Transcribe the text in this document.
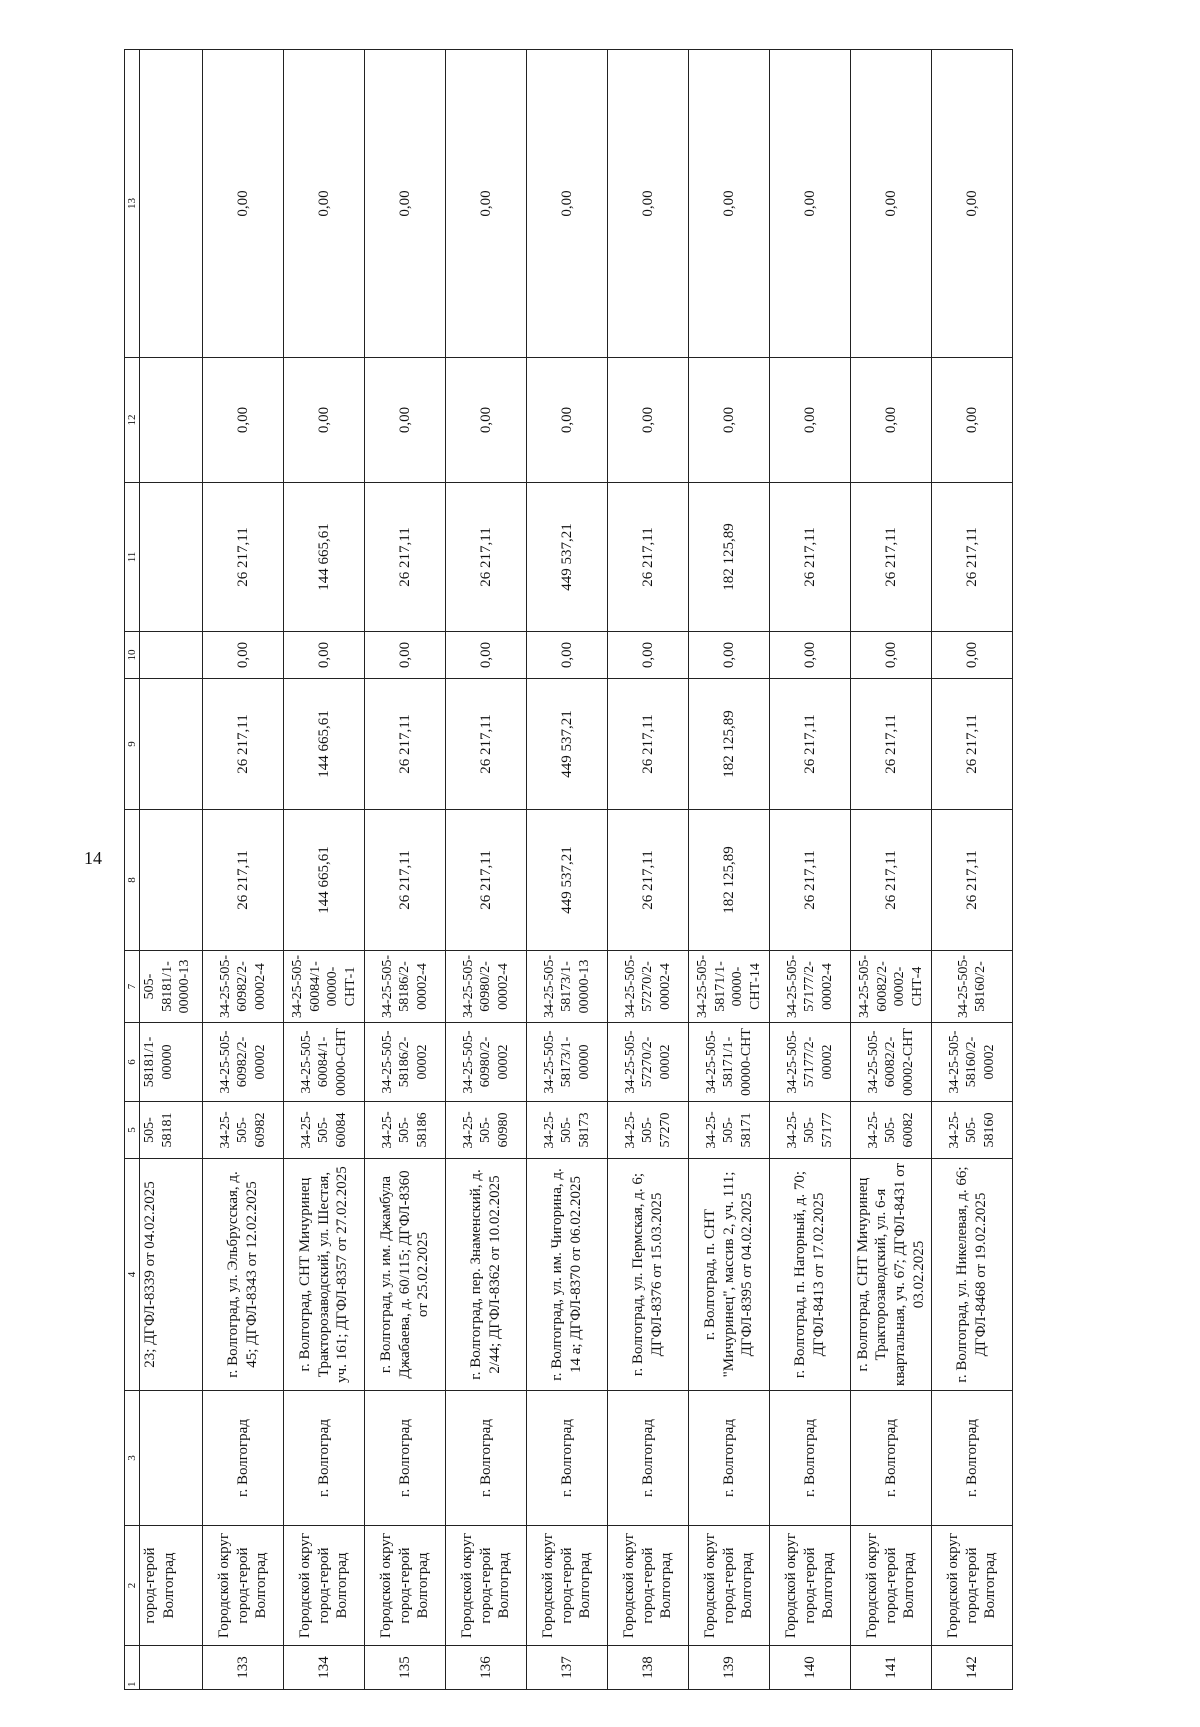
14
1	2	3	4	5	6	7	8	9	10	11	12	13
	город-герой Волгоград		23; ДГФЛ-8339 от 04.02.2025	505-58181	58181/1-00000	505-58181/1-00000-13						
133	Городской округ город-герой Волгоград	г. Волгоград	г. Волгоград, ул. Эльбрусская, д. 45; ДГФЛ-8343 от 12.02.2025	34-25-505-60982	34-25-505-60982/2-00002	34-25-505-60982/2-00002-4	26 217,11	26 217,11	0,00	26 217,11	0,00	0,00
134	Городской округ город-герой Волгоград	г. Волгоград	г. Волгоград, СНТ Мичуринец Тракторозаводский, ул. Шестая, уч. 161; ДГФЛ-8357 от 27.02.2025	34-25-505-60084	34-25-505-60084/1-00000-СНТ	34-25-505-60084/1-00000-СНТ-1	144 665,61	144 665,61	0,00	144 665,61	0,00	0,00
135	Городской округ город-герой Волгоград	г. Волгоград	г. Волгоград, ул. им. Джамбула Джабаева, д. 60/115; ДГФЛ-8360 от 25.02.2025	34-25-505-58186	34-25-505-58186/2-00002	34-25-505-58186/2-00002-4	26 217,11	26 217,11	0,00	26 217,11	0,00	0,00
136	Городской округ город-герой Волгоград	г. Волгоград	г. Волгоград, пер. Знаменский, д. 2/44; ДГФЛ-8362 от 10.02.2025	34-25-505-60980	34-25-505-60980/2-00002	34-25-505-60980/2-00002-4	26 217,11	26 217,11	0,00	26 217,11	0,00	0,00
137	Городской округ город-герой Волгоград	г. Волгоград	г. Волгоград, ул. им. Чигорина, д. 14 а; ДГФЛ-8370 от 06.02.2025	34-25-505-58173	34-25-505-58173/1-00000	34-25-505-58173/1-00000-13	449 537,21	449 537,21	0,00	449 537,21	0,00	0,00
138	Городской округ город-герой Волгоград	г. Волгоград	г. Волгоград, ул. Пермская, д. 6; ДГФЛ-8376 от 15.03.2025	34-25-505-57270	34-25-505-57270/2-00002	34-25-505-57270/2-00002-4	26 217,11	26 217,11	0,00	26 217,11	0,00	0,00
139	Городской округ город-герой Волгоград	г. Волгоград	г. Волгоград, п. СНТ "Мичуринец", массив 2, уч. 111; ДГФЛ-8395 от 04.02.2025	34-25-505-58171	34-25-505-58171/1-00000-СНТ	34-25-505-58171/1-00000-СНТ-14	182 125,89	182 125,89	0,00	182 125,89	0,00	0,00
140	Городской округ город-герой Волгоград	г. Волгоград	г. Волгоград, п. Нагорный, д. 70; ДГФЛ-8413 от 17.02.2025	34-25-505-57177	34-25-505-57177/2-00002	34-25-505-57177/2-00002-4	26 217,11	26 217,11	0,00	26 217,11	0,00	0,00
141	Городской округ город-герой Волгоград	г. Волгоград	г. Волгоград, СНТ Мичуринец Тракторозаводский, ул. 6-я квартальная, уч. 67; ДГФЛ-8431 от 03.02.2025	34-25-505-60082	34-25-505-60082/2-00002-СНТ	34-25-505-60082/2-00002-СНТ-4	26 217,11	26 217,11	0,00	26 217,11	0,00	0,00
142	Городской округ город-герой Волгоград	г. Волгоград	г. Волгоград, ул. Никелевая, д. 66; ДГФЛ-8468 от 19.02.2025	34-25-505-58160	34-25-505-58160/2-00002	34-25-505-58160/2-	26 217,11	26 217,11	0,00	26 217,11	0,00	0,00
